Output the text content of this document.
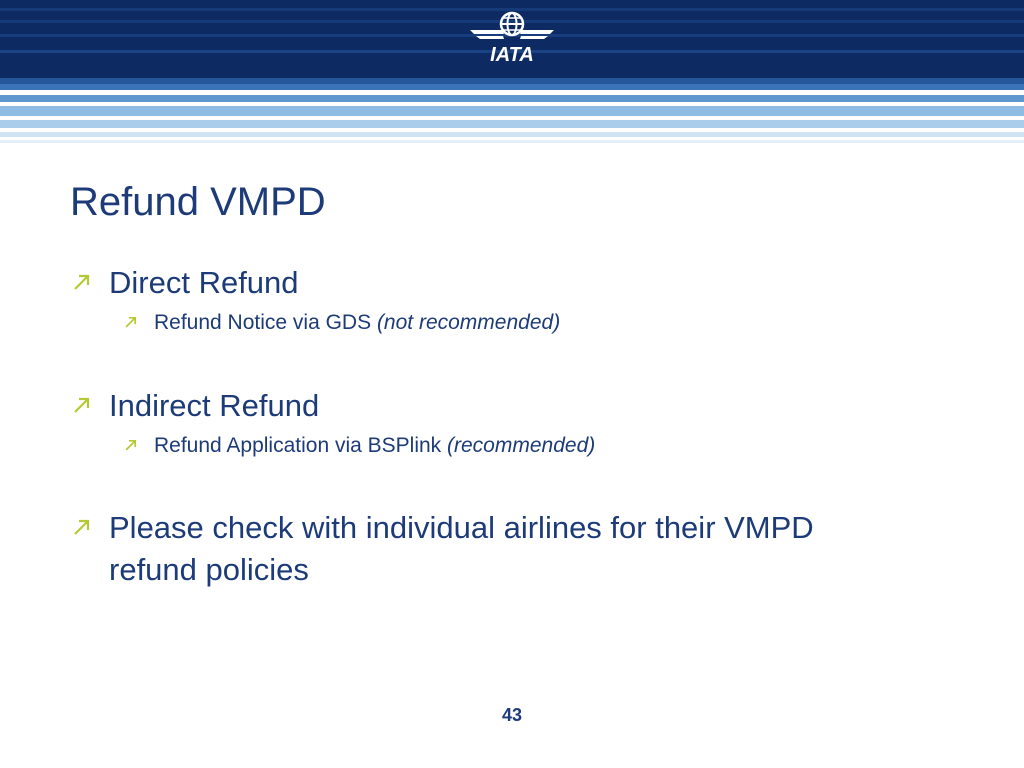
IATA
Refund VMPD
Direct Refund
Refund Notice via GDS (not recommended)
Indirect Refund
Refund Application via BSPlink (recommended)
Please check with individual airlines for their VMPD refund policies
43
